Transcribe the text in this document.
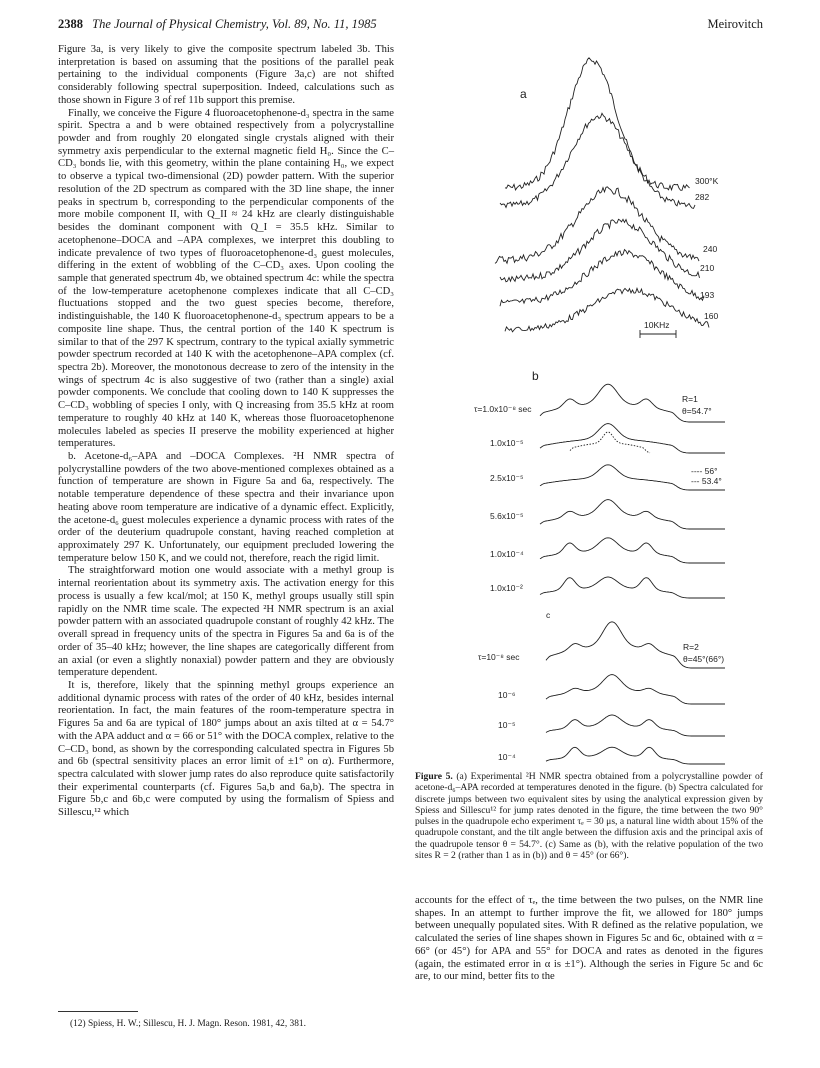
2388 The Journal of Physical Chemistry, Vol. 89, No. 11, 1985	Meirovitch

Figure 3a, is very likely to give the composite spectrum labeled 3b. This interpretation is based on assuming that the positions of the parallel peak pertaining to the individual components (Figure 3a,c) are not shifted considerably following spectral superposition. Indeed, calculations such as those shown in Figure 3 of ref 11b support this premise.

Finally, we conceive the Figure 4 fluoroacetophenone-d₃ spectra in the same spirit. Spectra a and b were obtained respectively from a polycrystalline powder and from roughly 20 elongated single crystals aligned with their symmetry axis perpendicular to the external magnetic field H₀. Since the C–CD₃ bonds lie, with this geometry, within the plane containing H₀, we expect to observe a typical two-dimensional (2D) powder pattern. With the superior resolution of the 2D spectrum as compared with the 3D line shape, the inner peaks in spectrum b, corresponding to the perpendicular components of the more mobile component II, with Q_II ≈ 24 kHz are clearly distinguishable besides the dominant component with Q_I = 35.5 kHz. Similar to acetophenone–DOCA and –APA complexes, we interpret this doubling to indicate prevalence of two types of fluoroacetophenone-d₃ guest molecules, differing in the extent of wobbling of the C–CD₃ axes. Upon cooling the sample that generated spectrum 4b, we obtained spectrum 4c: while the spectra of the low-temperature acetophenone complexes indicate that all C–CD₃ fluctuations stopped and the two guest species become, therefore, indistinguishable, the 140 K fluoroacetophenone-d₃ spectrum appears to be a composite line shape. Thus, the central portion of the 140 K spectrum is similar to that of the 297 K spectrum, contrary to the typical axially symmetric powder spectrum recorded at 140 K with the acetophenone–APA complex (cf. spectra 2b). Moreover, the monotonous decrease to zero of the intensity in the wings of spectrum 4c is also suggestive of two (rather than a single) axial powder components. We conclude that cooling down to 140 K suppresses the C–CD₃ wobbling of species I only, with Q increasing from 35.5 kHz at room temperature to roughly 40 kHz at 140 K, whereas those fluoroacetophenone molecules labeled as species II preserve the mobility experienced at higher temperatures.

b. Acetone-d₆–APA and –DOCA Complexes. ²H NMR spectra of polycrystalline powders of the two above-mentioned complexes obtained as a function of temperature are shown in Figure 5a and 6a, respectively. The notable temperature dependence of these spectra and their invariance upon heating above room temperature are indicative of a dynamic effect. Explicitly, the acetone-d₆ guest molecules experience a dynamic process with rates of the order of the deuterium quadrupole constant, having reached completion at approximately 297 K. Unfortunately, our equipment precluded lowering the temperature below 150 K, and we could not, therefore, reach the rigid limit.

The straightforward motion one would associate with a methyl group is internal reorientation about its symmetry axis. The activation energy for this process is usually a few kcal/mol; at 150 K, methyl groups usually still spin rapidly on the NMR time scale. The expected ²H NMR spectrum is an axial powder pattern with an associated quadrupole constant of roughly 42 kHz. The overall spread in frequency units of the spectra in Figures 5a and 6a is of the order of 35–40 kHz; however, the line shapes are categorically different from an axial (or even a slightly nonaxial) powder pattern and they are obviously temperature dependent.

It is, therefore, likely that the spinning methyl groups experience an additional dynamic process with rates of the order of 40 kHz, besides internal reorientation. In fact, the main features of the room-temperature spectra in Figures 5a and 6a are typical of 180° jumps about an axis tilted at α = 54.7° with the APA adduct and α = 66 or 51° with the DOCA complex, relative to the C–CD₃ bond, as shown by the corresponding calculated spectra in Figures 5b and 6b (spectral sensitivity places an error limit of ±1° on α). Furthermore, spectra calculated with slower jump rates do also reproduce quite satisfactorily their experimental counterparts (cf. Figures 5a,b and 6a,b). The spectra in Figure 5b,c and 6b,c were computed by using the formalism of Spiess and Sillescu,¹² which

(12) Spiess, H. W.; Sillescu, H. J. Magn. Reson. 1981, 42, 381.
a
300°K
282
240
210
193
160
10KHz
b
τ=1.0x10⁻⁸ sec
1.0x10⁻⁵
2.5x10⁻⁵
5.6x10⁻⁵
1.0x10⁻⁴
1.0x10⁻²
R=1
θ=54.7°
---- 56°
--- 53.4°
c
τ=10⁻⁸ sec
10⁻⁶
10⁻⁵
10⁻⁴
R=2
θ=45°(66°)
Figure 5. (a) Experimental ²H NMR spectra obtained from a polycrystalline powder of acetone-d₆–APA recorded at temperatures denoted in the figure. (b) Spectra calculated for discrete jumps between two equivalent sites by using the analytical expression given by Spiess and Sillescu¹² for jump rates denoted in the figure, the time between the two 90° pulses in the quadrupole echo experiment τₑ = 30 μs, a natural line width about 15% of the quadrupole constant, and the tilt angle between the diffusion axis and the principal axis of the quadrupole tensor θ = 54.7°. (c) Same as (b), with the relative population of the two sites R = 2 (rather than 1 as in (b)) and θ = 45° (or 66°).

accounts for the effect of τₑ, the time between the two pulses, on the NMR line shapes. In an attempt to further improve the fit, we allowed for 180° jumps between unequally populated sites. With R defined as the relative population, we calculated the series of line shapes shown in Figures 5c and 6c, obtained with α = 66° (or 45°) for APA and 55° for DOCA and rates as denoted in the figures (again, the estimated error in α is ±1°). Although the series in Figure 5c and 6c are, to our mind, better fits to the
